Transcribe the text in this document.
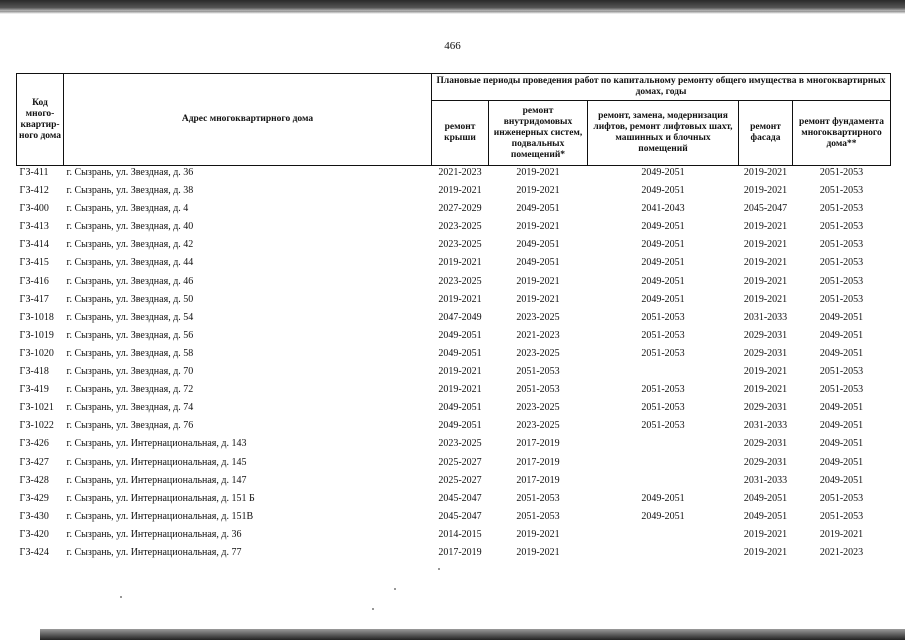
466
Код много-квартир-ного дома	Адрес многоквартирного дома	Плановые периоды проведения работ по капитальному ремонту общего имущества в многоквартирных домах, годы				
		ремонт крыши	ремонт внутридомовых инженерных систем, подвальных помещений*	ремонт, замена, модернизация лифтов, ремонт лифтовых шахт, машинных и блочных помещений	ремонт фасада	ремонт фундамента многоквартирного дома**
ГЗ-411	г. Сызрань, ул. Звездная, д. 36	2021-2023	2019-2021	2049-2051	2019-2021	2051-2053
ГЗ-412	г. Сызрань, ул. Звездная, д. 38	2019-2021	2019-2021	2049-2051	2019-2021	2051-2053
ГЗ-400	г. Сызрань, ул. Звездная, д. 4	2027-2029	2049-2051	2041-2043	2045-2047	2051-2053
ГЗ-413	г. Сызрань, ул. Звездная, д. 40	2023-2025	2019-2021	2049-2051	2019-2021	2051-2053
ГЗ-414	г. Сызрань, ул. Звездная, д. 42	2023-2025	2049-2051	2049-2051	2019-2021	2051-2053
ГЗ-415	г. Сызрань, ул. Звездная, д. 44	2019-2021	2049-2051	2049-2051	2019-2021	2051-2053
ГЗ-416	г. Сызрань, ул. Звездная, д. 46	2023-2025	2019-2021	2049-2051	2019-2021	2051-2053
ГЗ-417	г. Сызрань, ул. Звездная, д. 50	2019-2021	2019-2021	2049-2051	2019-2021	2051-2053
ГЗ-1018	г. Сызрань, ул. Звездная, д. 54	2047-2049	2023-2025	2051-2053	2031-2033	2049-2051
ГЗ-1019	г. Сызрань, ул. Звездная, д. 56	2049-2051	2021-2023	2051-2053	2029-2031	2049-2051
ГЗ-1020	г. Сызрань, ул. Звездная, д. 58	2049-2051	2023-2025	2051-2053	2029-2031	2049-2051
ГЗ-418	г. Сызрань, ул. Звездная, д. 70	2019-2021	2051-2053		2019-2021	2051-2053
ГЗ-419	г. Сызрань, ул. Звездная, д. 72	2019-2021	2051-2053	2051-2053	2019-2021	2051-2053
ГЗ-1021	г. Сызрань, ул. Звездная, д. 74	2049-2051	2023-2025	2051-2053	2029-2031	2049-2051
ГЗ-1022	г. Сызрань, ул. Звездная, д. 76	2049-2051	2023-2025	2051-2053	2031-2033	2049-2051
ГЗ-426	г. Сызрань, ул. Интернациональная, д. 143	2023-2025	2017-2019		2029-2031	2049-2051
ГЗ-427	г. Сызрань, ул. Интернациональная, д. 145	2025-2027	2017-2019		2029-2031	2049-2051
ГЗ-428	г. Сызрань, ул. Интернациональная, д. 147	2025-2027	2017-2019		2031-2033	2049-2051
ГЗ-429	г. Сызрань, ул. Интернациональная, д. 151 Б	2045-2047	2051-2053	2049-2051	2049-2051	2051-2053
ГЗ-430	г. Сызрань, ул. Интернациональная, д. 151В	2045-2047	2051-2053	2049-2051	2049-2051	2051-2053
ГЗ-420	г. Сызрань, ул. Интернациональная, д. 36	2014-2015	2019-2021		2019-2021	2019-2021
ГЗ-424	г. Сызрань, ул. Интернациональная, д. 77	2017-2019	2019-2021		2019-2021	2021-2023
